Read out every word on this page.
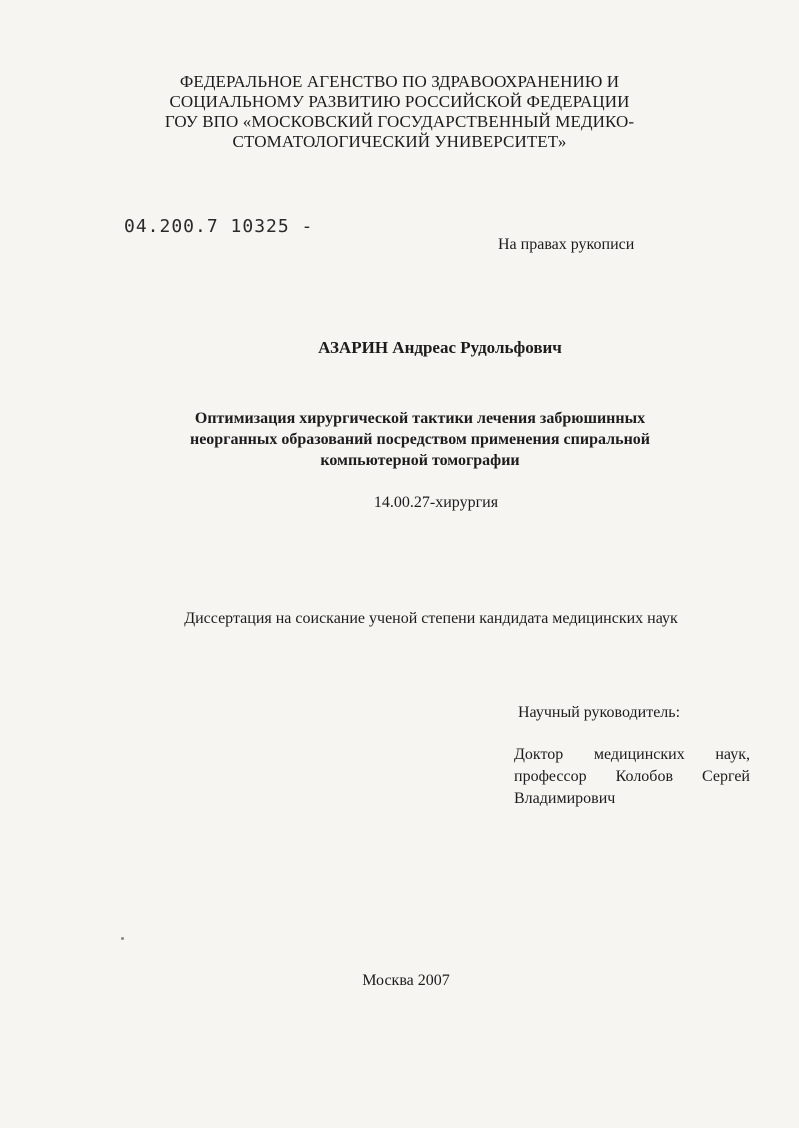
ФЕДЕРАЛЬНОЕ АГЕНСТВО ПО ЗДРАВООХРАНЕНИЮ И
СОЦИАЛЬНОМУ РАЗВИТИЮ РОССИЙСКОЙ ФЕДЕРАЦИИ
ГОУ ВПО «МОСКОВСКИЙ ГОСУДАРСТВЕННЫЙ МЕДИКО-
СТОМАТОЛОГИЧЕСКИЙ УНИВЕРСИТЕТ»
04.200.7 10325 -
На правах рукописи
АЗАРИН Андреас Рудольфович
Оптимизация хирургической тактики лечения забрюшинных
неорганных образований посредством применения спиральной
компьютерной томографии
14.00.27-хирургия
Диссертация на соискание ученой степени кандидата медицинских наук
Научный руководитель:
Доктор медицинских наук,
профессор Колобов Сергей
Владимирович
Москва 2007
